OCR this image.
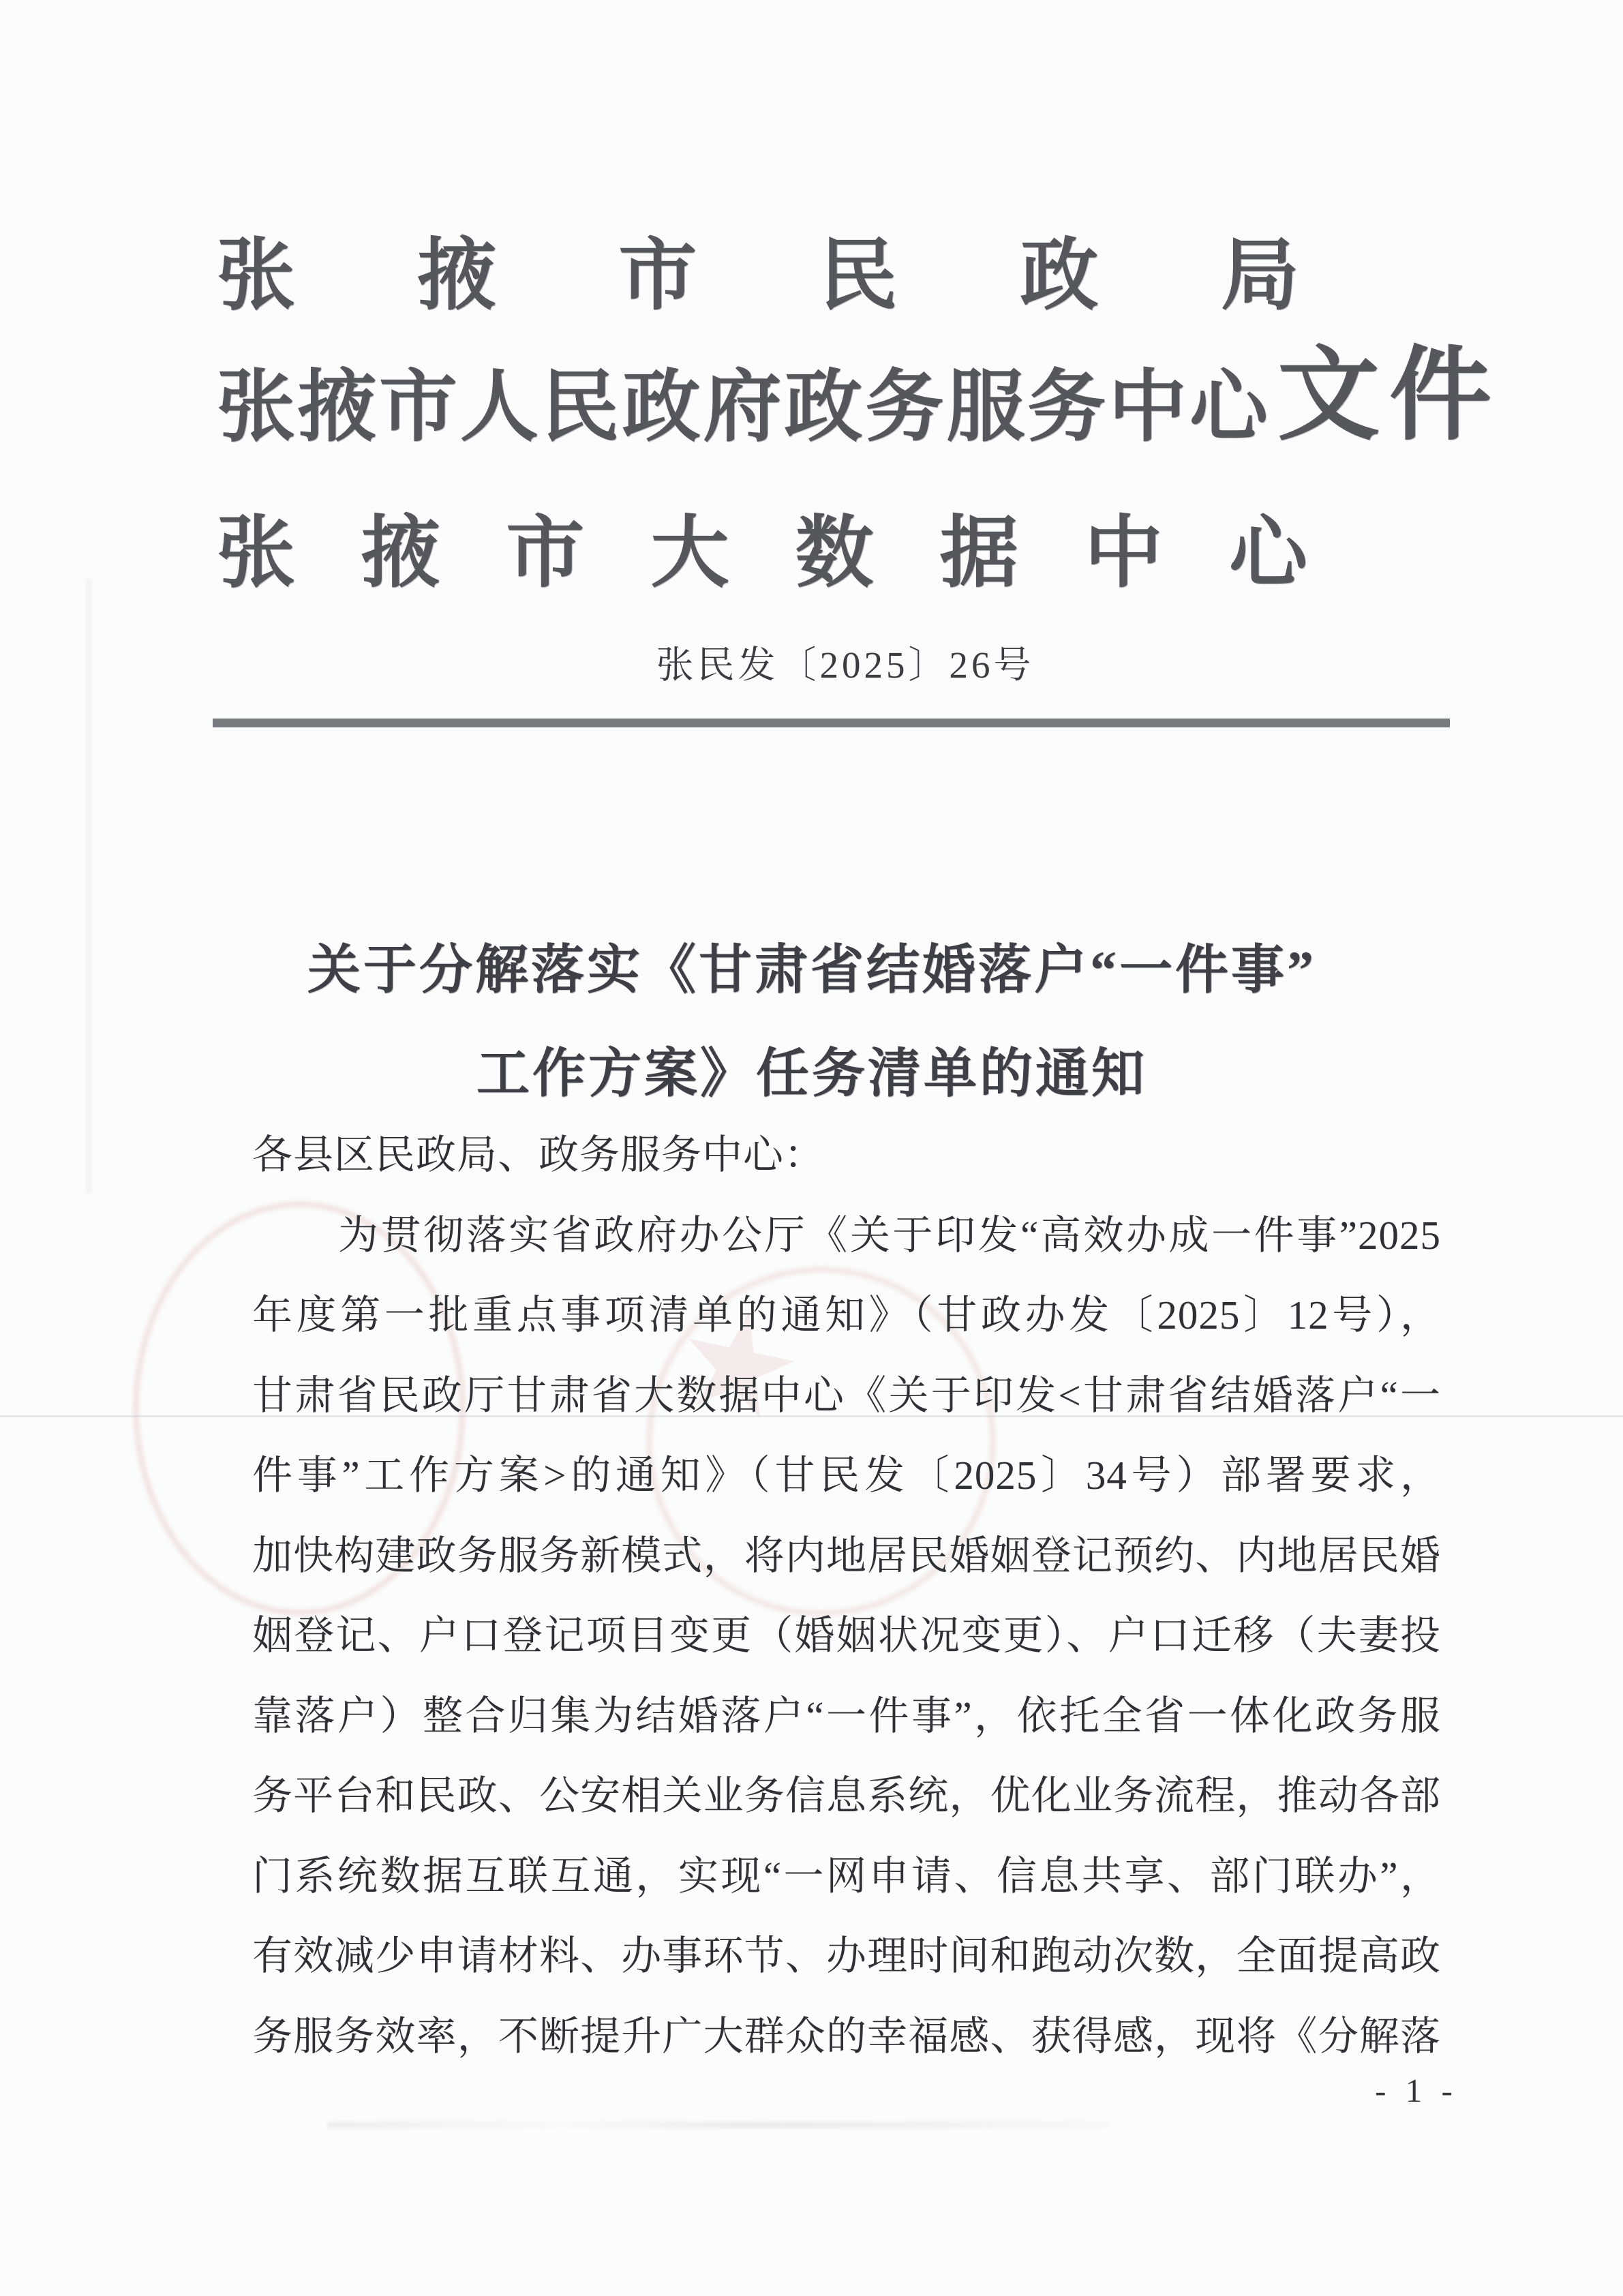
张掖市民政局
张掖市人民政府政务服务中心 文件
张掖市大数据中心
张民发〔2025〕26号
关于分解落实《甘肃省结婚落户“一件事”
工作方案》任务清单的通知
各县区民政局、政务服务中心：
为贯彻落实省政府办公厅《关于印发“高效办成一件事”2025
年度第一批重点事项清单的通知》（甘政办发〔2025〕12号），
甘肃省民政厅甘肃省大数据中心《关于印发<甘肃省结婚落户“一
件事”工作方案>的通知》（甘民发〔2025〕34号）部署要求，
加快构建政务服务新模式，将内地居民婚姻登记预约、内地居民婚
姻登记、户口登记项目变更（婚姻状况变更）、户口迁移（夫妻投
靠落户）整合归集为结婚落户“一件事”，依托全省一体化政务服
务平台和民政、公安相关业务信息系统，优化业务流程，推动各部
门系统数据互联互通，实现“一网申请、信息共享、部门联办”，
有效减少申请材料、办事环节、办理时间和跑动次数，全面提高政
务服务效率，不断提升广大群众的幸福感、获得感，现将《分解落
- 1 -
